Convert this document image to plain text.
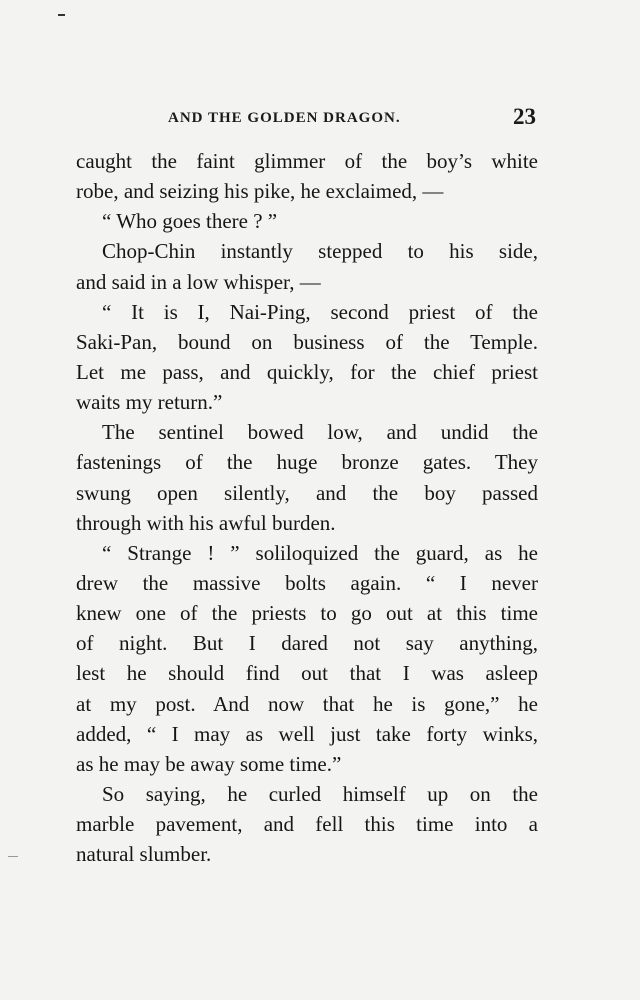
AND THE GOLDEN DRAGON.	23
caught the faint glimmer of the boy’s white
robe, and seizing his pike, he exclaimed, —
“ Who goes there ? ”
Chop-Chin instantly stepped to his side,
and said in a low whisper, —
“ It is I, Nai-Ping, second priest of the
Saki-Pan, bound on business of the Temple.
Let me pass, and quickly, for the chief priest
waits my return.”
The sentinel bowed low, and undid the
fastenings of the huge bronze gates. They
swung open silently, and the boy passed
through with his awful burden.
“ Strange ! ” soliloquized the guard, as he
drew the massive bolts again. “ I never
knew one of the priests to go out at this time
of night. But I dared not say anything,
lest he should find out that I was asleep
at my post. And now that he is gone,” he
added, “ I may as well just take forty winks,
as he may be away some time.”
So saying, he curled himself up on the
marble pavement, and fell this time into a
natural slumber.
